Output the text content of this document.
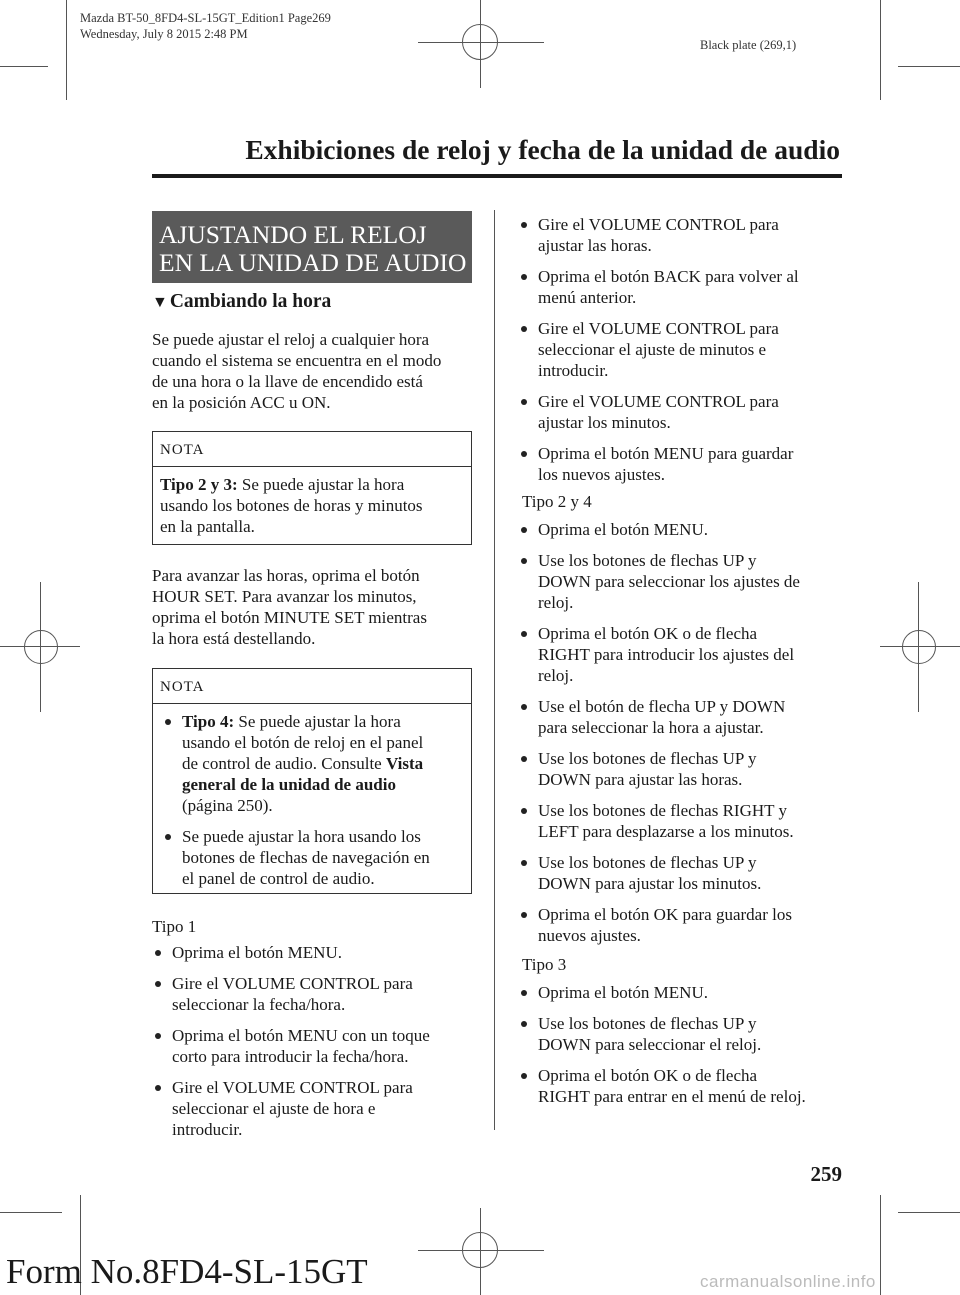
Mazda BT-50_8FD4-SL-15GT_Edition1 Page269
Wednesday, July 8 2015 2:48 PM
Black plate (269,1)
Exhibiciones de reloj y fecha de la unidad de audio
AJUSTANDO EL RELOJ
EN LA UNIDAD DE AUDIO
▼ Cambiando la hora
Se puede ajustar el reloj a cualquier hora
cuando el sistema se encuentra en el modo
de una hora o la llave de encendido está
en la posición ACC u ON.
NOTA
Tipo 2 y 3: Se puede ajustar la hora
usando los botones de horas y minutos
en la pantalla.
Para avanzar las horas, oprima el botón
HOUR SET. Para avanzar los minutos,
oprima el botón MINUTE SET mientras
la hora está destellando.
NOTA
Tipo 4: Se puede ajustar la hora
usando el botón de reloj en el panel
de control de audio. Consulte Vista
general de la unidad de audio
(página 250).
Se puede ajustar la hora usando los
botones de flechas de navegación en
el panel de control de audio.
Tipo 1
Oprima el botón MENU.
Gire el VOLUME CONTROL para
seleccionar la fecha/hora.
Oprima el botón MENU con un toque
corto para introducir la fecha/hora.
Gire el VOLUME CONTROL para
seleccionar el ajuste de hora e
introducir.
Gire el VOLUME CONTROL para
ajustar las horas.
Oprima el botón BACK para volver al
menú anterior.
Gire el VOLUME CONTROL para
seleccionar el ajuste de minutos e
introducir.
Gire el VOLUME CONTROL para
ajustar los minutos.
Oprima el botón MENU para guardar
los nuevos ajustes.
Tipo 2 y 4
Oprima el botón MENU.
Use los botones de flechas UP y
DOWN para seleccionar los ajustes de
reloj.
Oprima el botón OK o de flecha
RIGHT para introducir los ajustes del
reloj.
Use el botón de flecha UP y DOWN
para seleccionar la hora a ajustar.
Use los botones de flechas UP y
DOWN para ajustar las horas.
Use los botones de flechas RIGHT y
LEFT para desplazarse a los minutos.
Use los botones de flechas UP y
DOWN para ajustar los minutos.
Oprima el botón OK para guardar los
nuevos ajustes.
Tipo 3
Oprima el botón MENU.
Use los botones de flechas UP y
DOWN para seleccionar el reloj.
Oprima el botón OK o de flecha
RIGHT para entrar en el menú de reloj.
259
Form No.8FD4-SL-15GT	carmanualsonline.info
